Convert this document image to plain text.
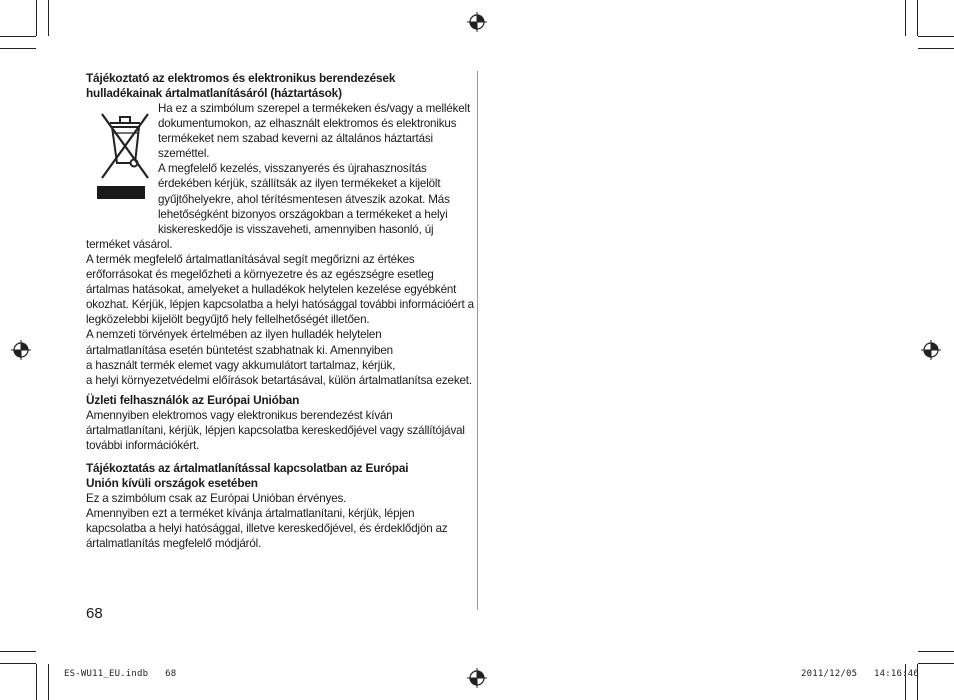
Tájékoztató az elektromos és elektronikus berendezések
hulladékainak ártalmatlanításáról (háztartások)

Ha ez a szimbólum szerepel a termékeken és/vagy a mellékelt dokumentumokon, az elhasznált elektromos és elektronikus termékeket nem szabad keverni az általános háztartási szeméttel.

A megfelelő kezelés, visszanyerés és újrahasznosítás érdekében kérjük, szállítsák az ilyen termékeket a kijelölt gyűjtőhelyekre, ahol térítésmentesen átveszik azokat. Más lehetőségként bizonyos országokban a termékeket a helyi kiskereskedője is visszaveheti, amennyiben hasonló, új terméket vásárol.

A termék megfelelő ártalmatlanításával segít megőrizni az értékes erőforrásokat és megelőzheti a környezetre és az egészségre esetleg ártalmas hatásokat, amelyeket a hulladékok helytelen kezelése egyébként okozhat. Kérjük, lépjen kapcsolatba a helyi hatósággal további információért a legközelebbi kijelölt begyűjtő hely fellelhetőségét illetően.

A nemzeti törvények értelmében az ilyen hulladék helytelen
ártalmatlanítása esetén büntetést szabhatnak ki. Amennyiben
a használt termék elemet vagy akkumulátort tartalmaz, kérjük,
a helyi környezetvédelmi előírások betartásával, külön ártalmatlanítsa ezeket.

Üzleti felhasználók az Európai Unióban

Amennyiben elektromos vagy elektronikus berendezést kíván ártalmatlanítani, kérjük, lépjen kapcsolatba kereskedőjével vagy szállítójával további információkért.

Tájékoztatás az ártalmatlanítással kapcsolatban az Európai
Unión kívüli országok esetében

Ez a szimbólum csak az Európai Unióban érvényes.

Amennyiben ezt a terméket kívánja ártalmatlanítani, kérjük, lépjen kapcsolatba a helyi hatósággal, illetve kereskedőjével, és érdeklődjön az ártalmatlanítás megfelelő módjáról.

68
ES-WU11_EU.indb   68	2011/12/05   14:16:46
